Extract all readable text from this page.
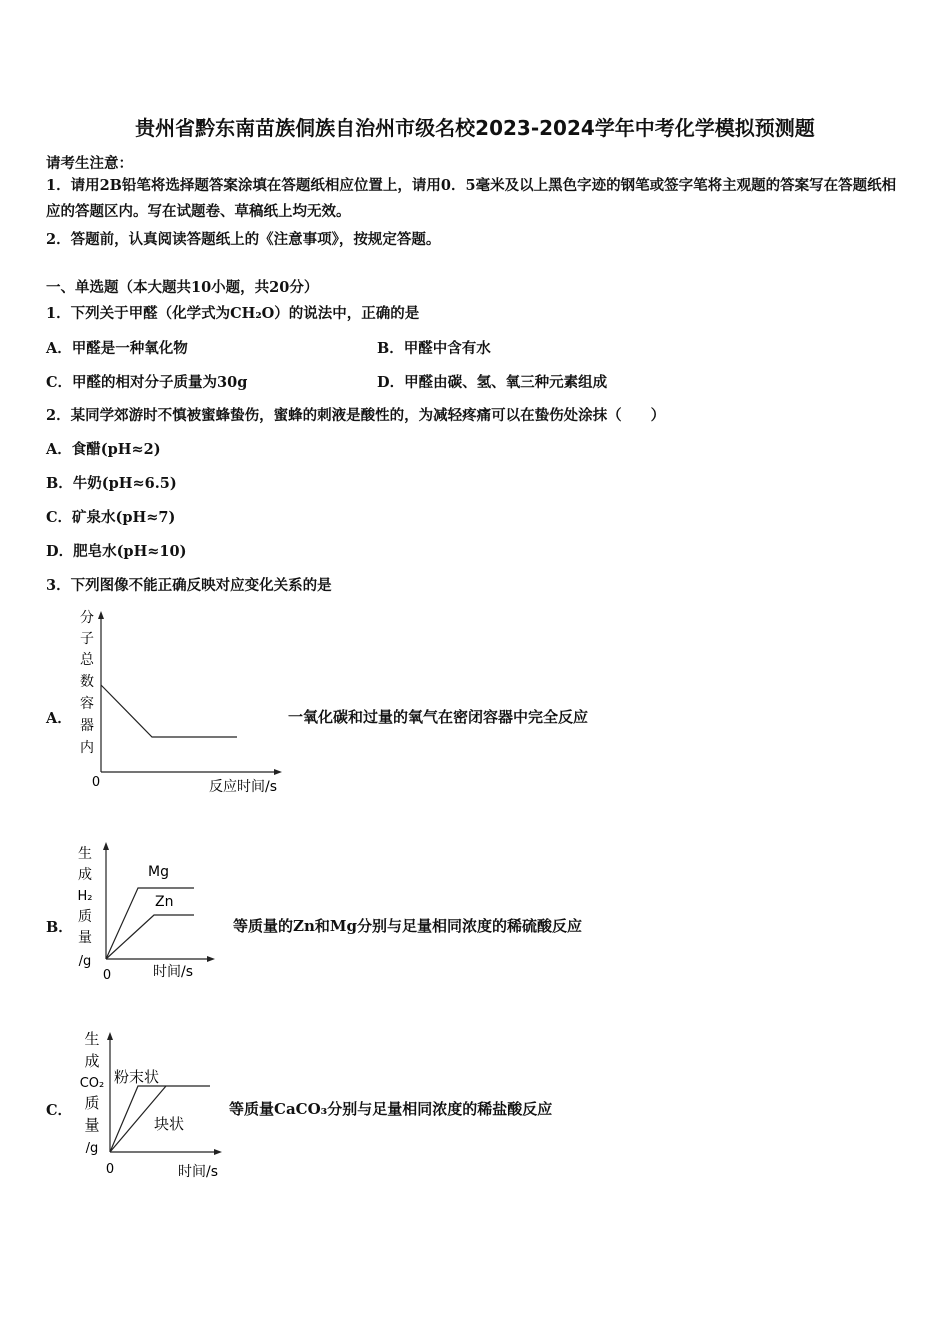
贵州省黔东南苗族侗族自治州市级名校2023-2024学年中考化学模拟预测题
请考生注意：
1．请用2B铅笔将选择题答案涂填在答题纸相应位置上，请用0．5毫米及以上黑色字迹的钢笔或签字笔将主观题的答案写在答题纸相应的答题区内。写在试题卷、草稿纸上均无效。
2．答题前，认真阅读答题纸上的《注意事项》，按规定答题。
一、单选题（本大题共10小题，共20分）
1．下列关于甲醛（化学式为CH₂O）的说法中，正确的是
A．甲醛是一种氧化物	B．甲醛中含有水
C．甲醛的相对分子质量为30g	D．甲醛由碳、氢、氧三种元素组成
2．某同学郊游时不慎被蜜蜂蛰伤，蜜蜂的刺液是酸性的，为减轻疼痛可以在蛰伤处涂抹（　　）
A．食醋(pH≈2)
B．牛奶(pH≈6.5)
C．矿泉水(pH≈7)
D．肥皂水(pH≈10)
3．下列图像不能正确反映对应变化关系的是
A．
分
子
总
数
容
器
内
0	反应时间/s
一氧化碳和过量的氧气在密闭容器中完全反应
B．
Mg
Zn
生
成
H₂
质
量
/g
0	时间/s
等质量的Zn和Mg分别与足量相同浓度的稀硫酸反应
C．
粉末状
块状
生
成
CO₂
质
量
/g
0	时间/s
等质量CaCO₃分别与足量相同浓度的稀盐酸反应
